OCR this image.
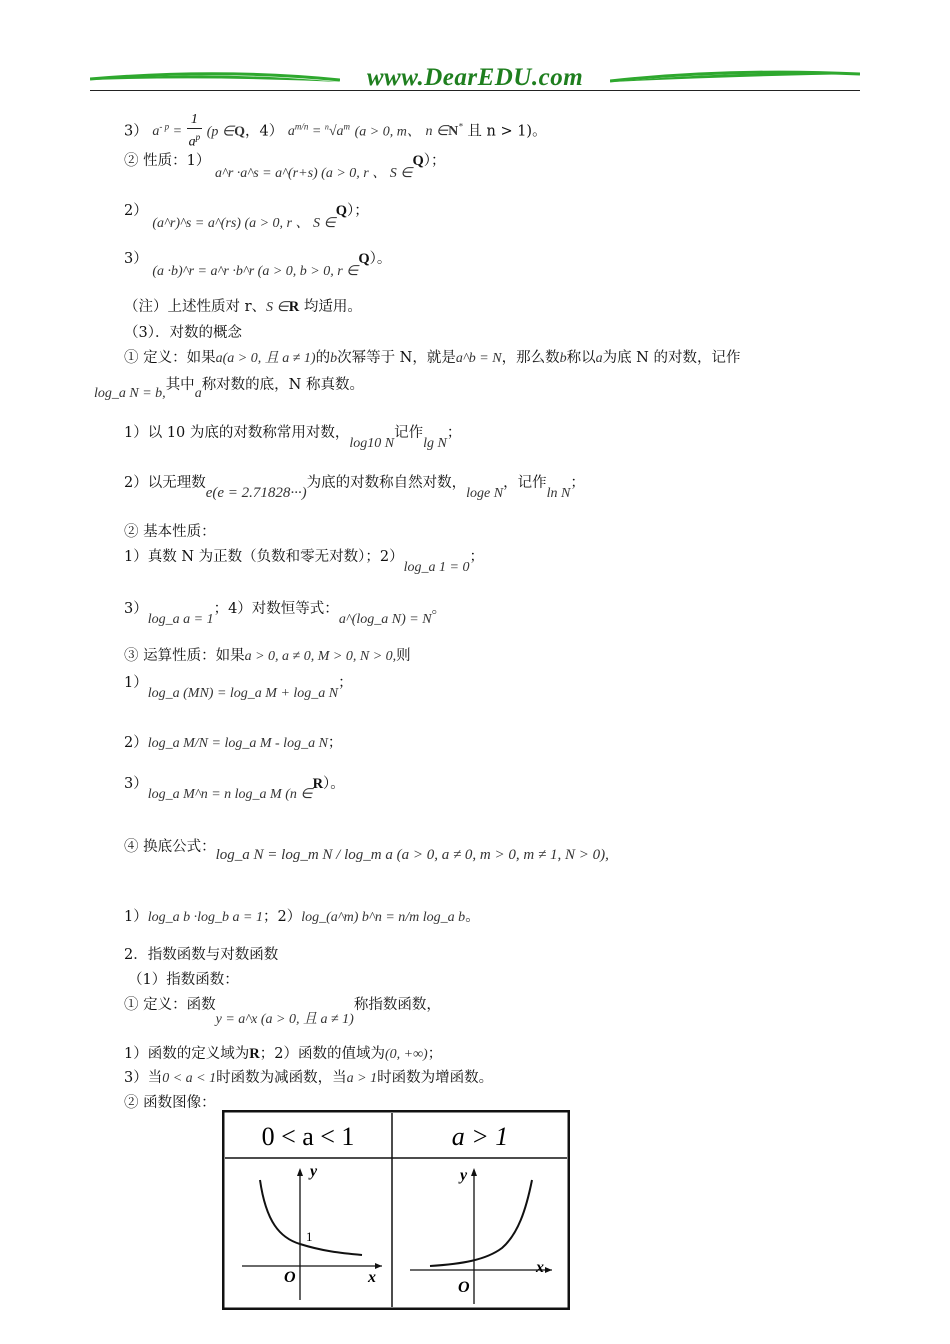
www.DearEDU.com
3） $a^{- p} = \frac{1}{a^p} (p$ ∈Q，4） $a^{m/n} = ^n√a^m$ (a > 0, m、 n ∈N* 且 n > 1)。
② 性质：1） a^r ·a^s = a^(r+s) (a > 0, r 、 S ∈Q）；
2） (a^r)^s = a^(rs) (a > 0, r 、 S ∈Q）；
3） (a ·b)^r = a^r ·b^r (a > 0, b > 0, r ∈Q）。
（注）上述性质对 r、S ∈R 均适用。
（3）．对数的概念
① 定义：如果a(a > 0, 且 a ≠ 1)的b次幂等于 N，就是a^b = N，那么数b称以a为底 N 的对数，记作
log_a N = b,其中a称对数的底，N 称真数。
1）以 10 为底的对数称常用对数，log10 N记作lg N；
2）以无理数e(e = 2.71828···)为底的对数称自然对数，loge N，记作ln N；
② 基本性质：
1）真数 N 为正数（负数和零无对数）；2）log_a 1 = 0；
3）log_a a = 1；4）对数恒等式：a^(log_a N) = N。
③ 运算性质：如果a > 0, a ≠ 0, M > 0, N > 0,则
1）log_a (MN) = log_a M + log_a N；
2）log_a M/N = log_a M - log_a N；
3）log_a M^n = n log_a M (n ∈R）。
④ 换底公式：log_a N = log_m N / log_m a (a > 0, a ≠ 0, m > 0, m ≠ 1, N > 0),
1）log_a b ·log_b a = 1；2）log_(a^m) b^n = n/m log_a b。
2．指数函数与对数函数
（1）指数函数：
① 定义：函数y = a^x (a > 0, 且 a ≠ 1)称指数函数，
1）函数的定义域为R；2）函数的值域为(0, +∞)；
3）当0 < a < 1时函数为减函数，当a > 1时函数为增函数。
② 函数图像：
0 < a < 1	a > 1
y
x
O
1
y
x
O
